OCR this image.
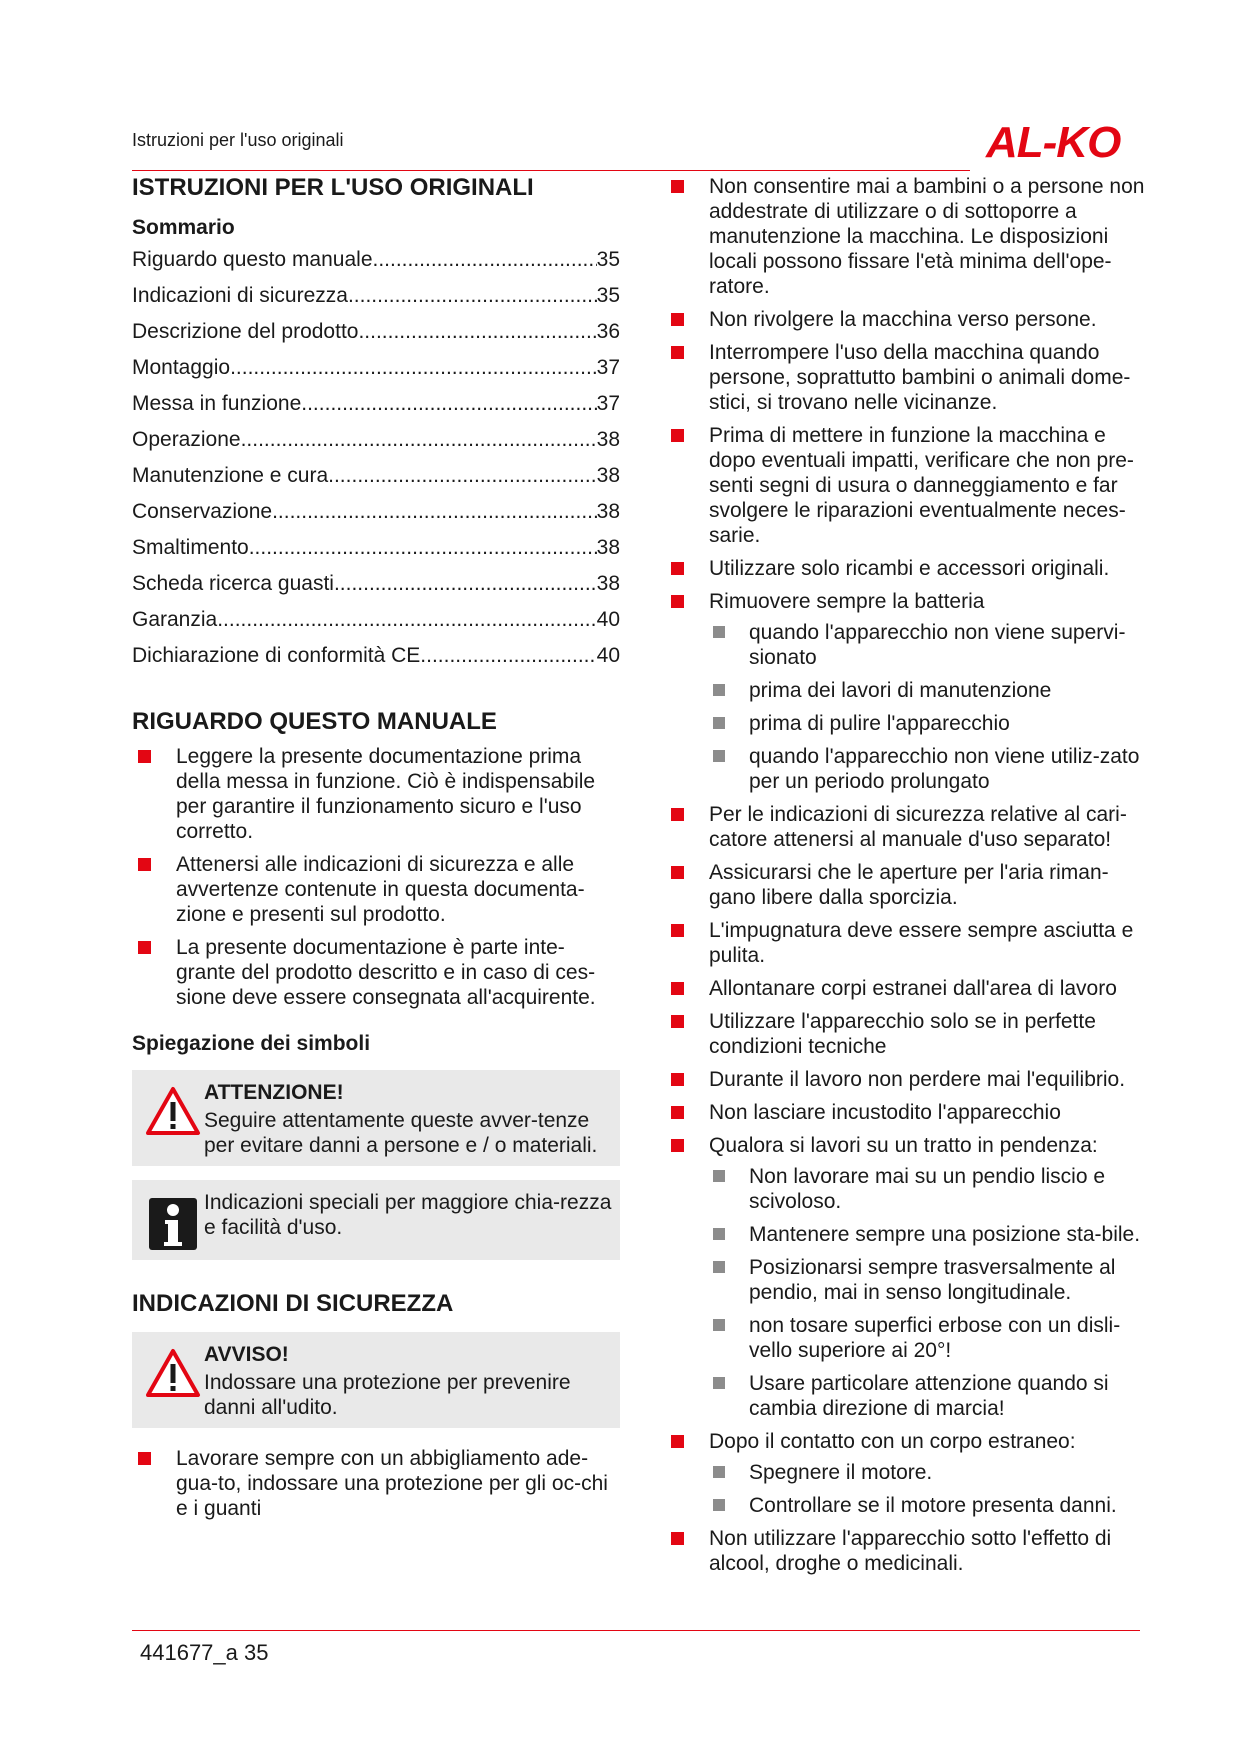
Istruzioni per l'uso originali	AL-KO
ISTRUZIONI PER L'USO ORIGINALI
Sommario
Riguardo questo manuale .....	35
Indicazioni di sicurezza .....	35
Descrizione del prodotto .....	36
Montaggio .....	37
Messa in funzione .....	37
Operazione .....	38
Manutenzione e cura .....	38
Conservazione .....	38
Smaltimento .....	38
Scheda ricerca guasti .....	38
Garanzia .....	40
Dichiarazione di conformità CE .....	40
RIGUARDO QUESTO MANUALE
Leggere la presente documentazione prima della messa in funzione. Ciò è indispensabile per garantire il funzionamento sicuro e l'uso corretto.
Attenersi alle indicazioni di sicurezza e alle avvertenze contenute in questa documenta-zione e presenti sul prodotto.
La presente documentazione è parte inte-grante del prodotto descritto e in caso di ces-sione deve essere consegnata all'acquirente.
Spiegazione dei simboli
ATTENZIONE!
Seguire attentamente queste avver-tenze per evitare danni a persone e / o materiali.
Indicazioni speciali per maggiore chia-rezza e facilità d'uso.
INDICAZIONI DI SICUREZZA
AVVISO!
Indossare una protezione per prevenire danni all'udito.
Lavorare sempre con un abbigliamento ade-gua-to, indossare una protezione per gli oc-chi e i guanti
Non consentire mai a bambini o a persone non addestrate di utilizzare o di sottoporre a manutenzione la macchina. Le disposizioni locali possono fissare l'età minima dell'ope-ratore.
Non rivolgere la macchina verso persone.
Interrompere l'uso della macchina quando persone, soprattutto bambini o animali dome-stici, si trovano nelle vicinanze.
Prima di mettere in funzione la macchina e dopo eventuali impatti, verificare che non pre-senti segni di usura o danneggiamento e far svolgere le riparazioni eventualmente neces-sarie.
Utilizzare solo ricambi e accessori originali.
Rimuovere sempre la batteria
quando l'apparecchio non viene supervi-sionato
prima dei lavori di manutenzione
prima di pulire l'apparecchio
quando l'apparecchio non viene utiliz-zato per un periodo prolungato
Per le indicazioni di sicurezza relative al cari-catore attenersi al manuale d'uso separato!
Assicurarsi che le aperture per l'aria riman-gano libere dalla sporcizia.
L'impugnatura deve essere sempre asciutta e pulita.
Allontanare corpi estranei dall'area di lavoro
Utilizzare l'apparecchio solo se in perfette condizioni tecniche
Durante il lavoro non perdere mai l'equilibrio.
Non lasciare incustodito l'apparecchio
Qualora si lavori su un tratto in pendenza:
Non lavorare mai su un pendio liscio e scivoloso.
Mantenere sempre una posizione sta-bile.
Posizionarsi sempre trasversalmente al pendio, mai in senso longitudinale.
non tosare superfici erbose con un disli-vello superiore ai 20°!
Usare particolare attenzione quando si cambia direzione di marcia!
Dopo il contatto con un corpo estraneo:
Spegnere il motore.
Controllare se il motore presenta danni.
Non utilizzare l'apparecchio sotto l'effetto di alcool, droghe o medicinali.
441677_a 35
